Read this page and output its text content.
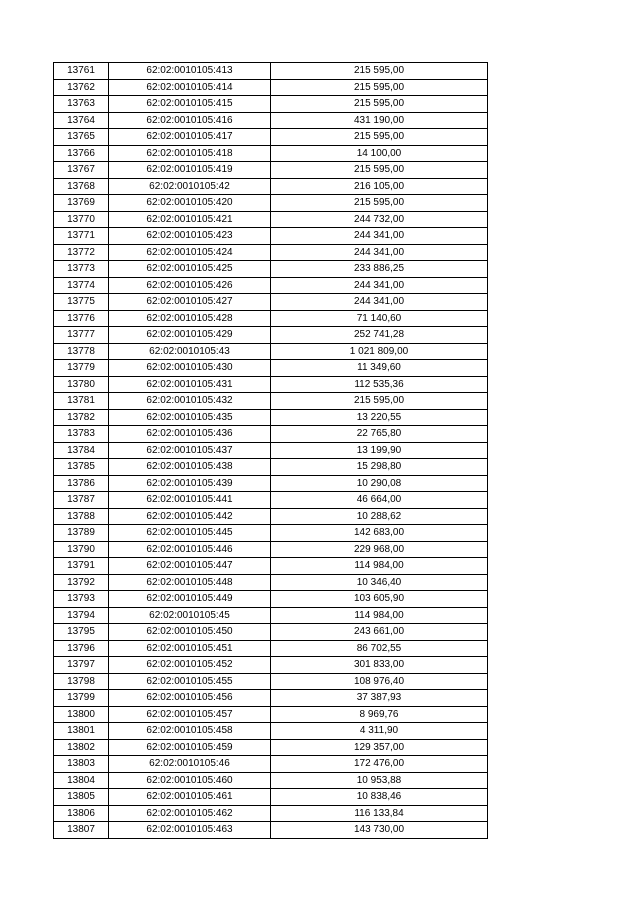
13761	62:02:0010105:413	215 595,00
13762	62:02:0010105:414	215 595,00
13763	62:02:0010105:415	215 595,00
13764	62:02:0010105:416	431 190,00
13765	62:02:0010105:417	215 595,00
13766	62:02:0010105:418	14 100,00
13767	62:02:0010105:419	215 595,00
13768	62:02:0010105:42	216 105,00
13769	62:02:0010105:420	215 595,00
13770	62:02:0010105:421	244 732,00
13771	62:02:0010105:423	244 341,00
13772	62:02:0010105:424	244 341,00
13773	62:02:0010105:425	233 886,25
13774	62:02:0010105:426	244 341,00
13775	62:02:0010105:427	244 341,00
13776	62:02:0010105:428	71 140,60
13777	62:02:0010105:429	252 741,28
13778	62:02:0010105:43	1 021 809,00
13779	62:02:0010105:430	11 349,60
13780	62:02:0010105:431	112 535,36
13781	62:02:0010105:432	215 595,00
13782	62:02:0010105:435	13 220,55
13783	62:02:0010105:436	22 765,80
13784	62:02:0010105:437	13 199,90
13785	62:02:0010105:438	15 298,80
13786	62:02:0010105:439	10 290,08
13787	62:02:0010105:441	46 664,00
13788	62:02:0010105:442	10 288,62
13789	62:02:0010105:445	142 683,00
13790	62:02:0010105:446	229 968,00
13791	62:02:0010105:447	114 984,00
13792	62:02:0010105:448	10 346,40
13793	62:02:0010105:449	103 605,90
13794	62:02:0010105:45	114 984,00
13795	62:02:0010105:450	243 661,00
13796	62:02:0010105:451	86 702,55
13797	62:02:0010105:452	301 833,00
13798	62:02:0010105:455	108 976,40
13799	62:02:0010105:456	37 387,93
13800	62:02:0010105:457	8 969,76
13801	62:02:0010105:458	4 311,90
13802	62:02:0010105:459	129 357,00
13803	62:02:0010105:46	172 476,00
13804	62:02:0010105:460	10 953,88
13805	62:02:0010105:461	10 838,46
13806	62:02:0010105:462	116 133,84
13807	62:02:0010105:463	143 730,00
